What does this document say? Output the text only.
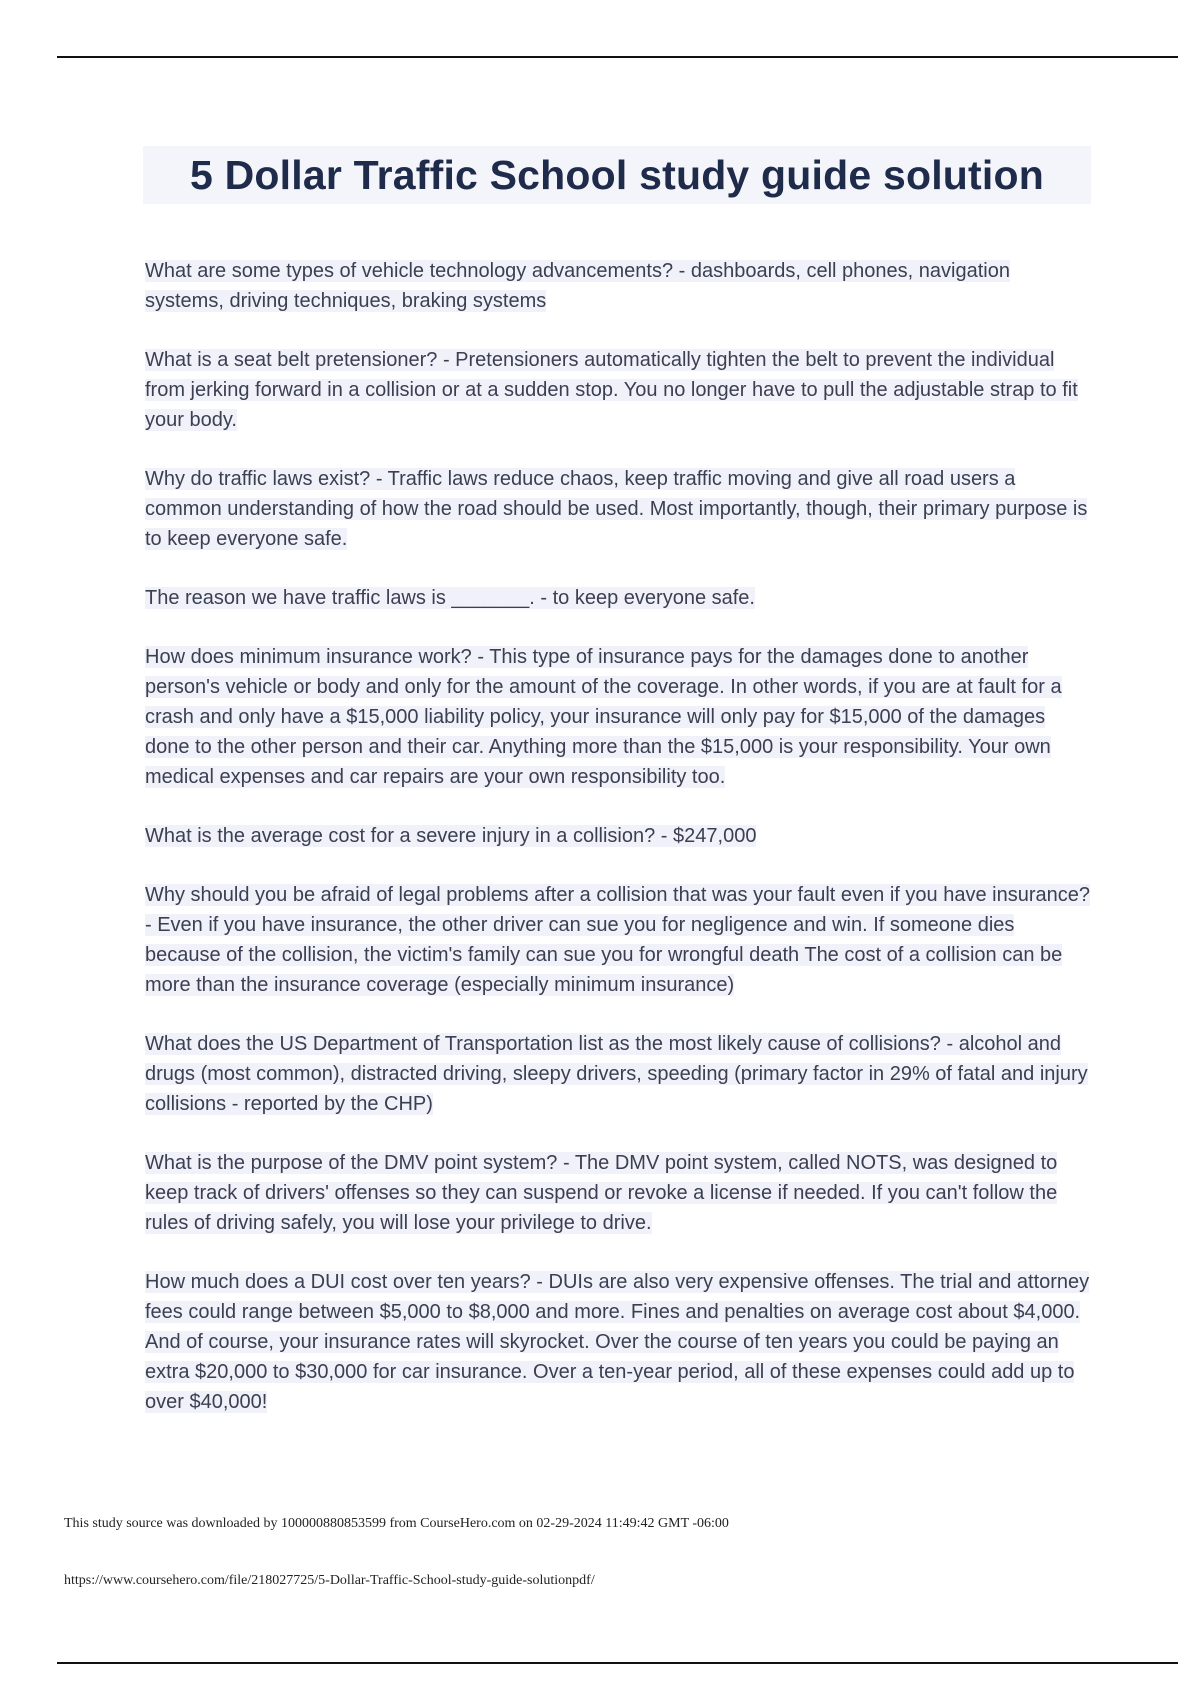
5 Dollar Traffic School study guide solution

What are some types of vehicle technology advancements? - dashboards, cell phones, navigation systems, driving techniques, braking systems

What is a seat belt pretensioner? - Pretensioners automatically tighten the belt to prevent the individual from jerking forward in a collision or at a sudden stop. You no longer have to pull the adjustable strap to fit your body.

Why do traffic laws exist? - Traffic laws reduce chaos, keep traffic moving and give all road users a common understanding of how the road should be used. Most importantly, though, their primary purpose is to keep everyone safe.

The reason we have traffic laws is _______. - to keep everyone safe.

How does minimum insurance work? - This type of insurance pays for the damages done to another person's vehicle or body and only for the amount of the coverage. In other words, if you are at fault for a crash and only have a $15,000 liability policy, your insurance will only pay for $15,000 of the damages done to the other person and their car. Anything more than the $15,000 is your responsibility. Your own medical expenses and car repairs are your own responsibility too.

What is the average cost for a severe injury in a collision? - $247,000

Why should you be afraid of legal problems after a collision that was your fault even if you have insurance? - Even if you have insurance, the other driver can sue you for negligence and win. If someone dies because of the collision, the victim's family can sue you for wrongful death The cost of a collision can be more than the insurance coverage (especially minimum insurance)

What does the US Department of Transportation list as the most likely cause of collisions? - alcohol and drugs (most common), distracted driving, sleepy drivers, speeding (primary factor in 29% of fatal and injury collisions - reported by the CHP)

What is the purpose of the DMV point system? - The DMV point system, called NOTS, was designed to keep track of drivers' offenses so they can suspend or revoke a license if needed. If you can't follow the rules of driving safely, you will lose your privilege to drive.

How much does a DUI cost over ten years? - DUIs are also very expensive offenses. The trial and attorney fees could range between $5,000 to $8,000 and more. Fines and penalties on average cost about $4,000. And of course, your insurance rates will skyrocket. Over the course of ten years you could be paying an extra $20,000 to $30,000 for car insurance. Over a ten-year period, all of these expenses could add up to over $40,000!

This study source was downloaded by 100000880853599 from CourseHero.com on 02-29-2024 11:49:42 GMT -06:00
https://www.coursehero.com/file/218027725/5-Dollar-Traffic-School-study-guide-solutionpdf/
